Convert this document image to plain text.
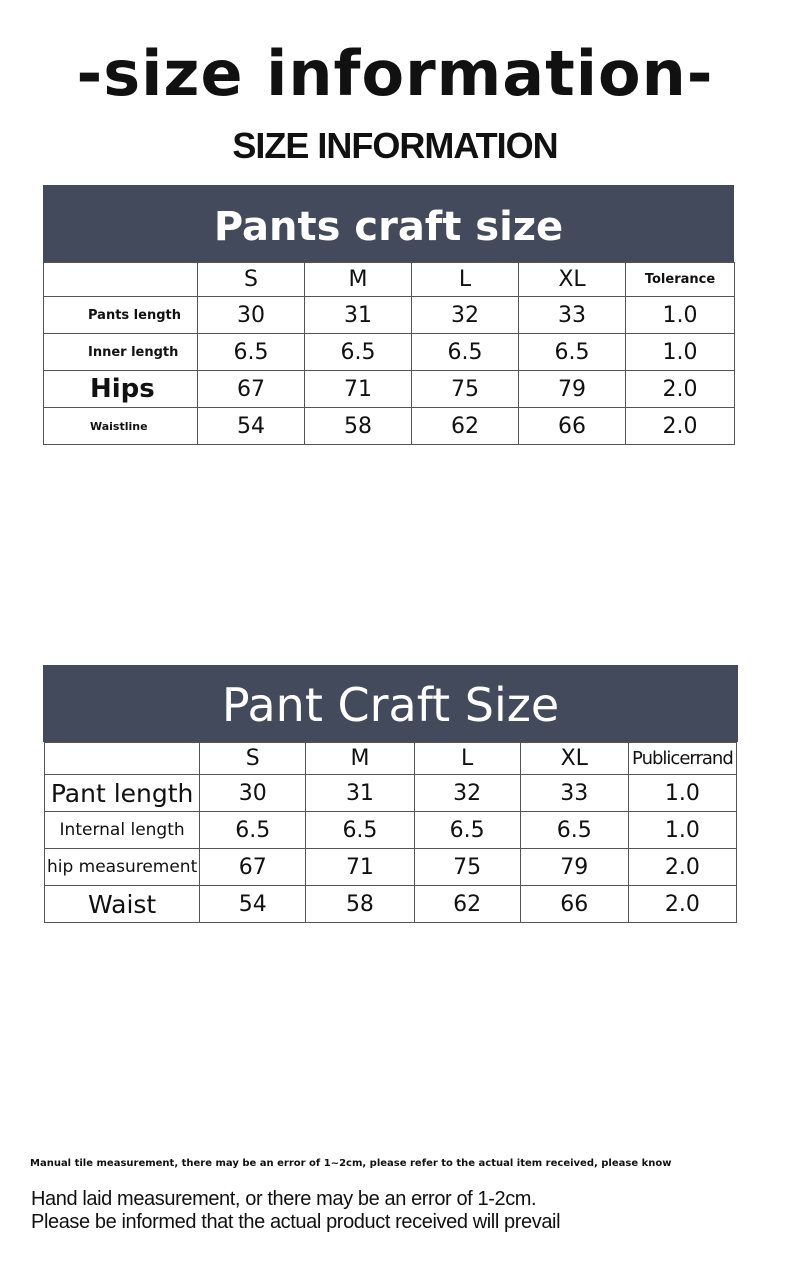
-size information-
SIZE INFORMATION
Pants craft size
	S	M	L	XL	Tolerance
Pants length	30	31	32	33	1.0
Inner length	6.5	6.5	6.5	6.5	1.0
Hips	67	71	75	79	2.0
Waistline	54	58	62	66	2.0
Pant Craft Size
	S	M	L	XL	Publicerrand
Pant length	30	31	32	33	1.0
Internal length	6.5	6.5	6.5	6.5	1.0
hip measurement	67	71	75	79	2.0
Waist	54	58	62	66	2.0

Manual tile measurement, there may be an error of 1~2cm, please refer to the actual item received, please know

Hand laid measurement, or there may be an error of 1-2cm.
Please be informed that the actual product received will prevail
